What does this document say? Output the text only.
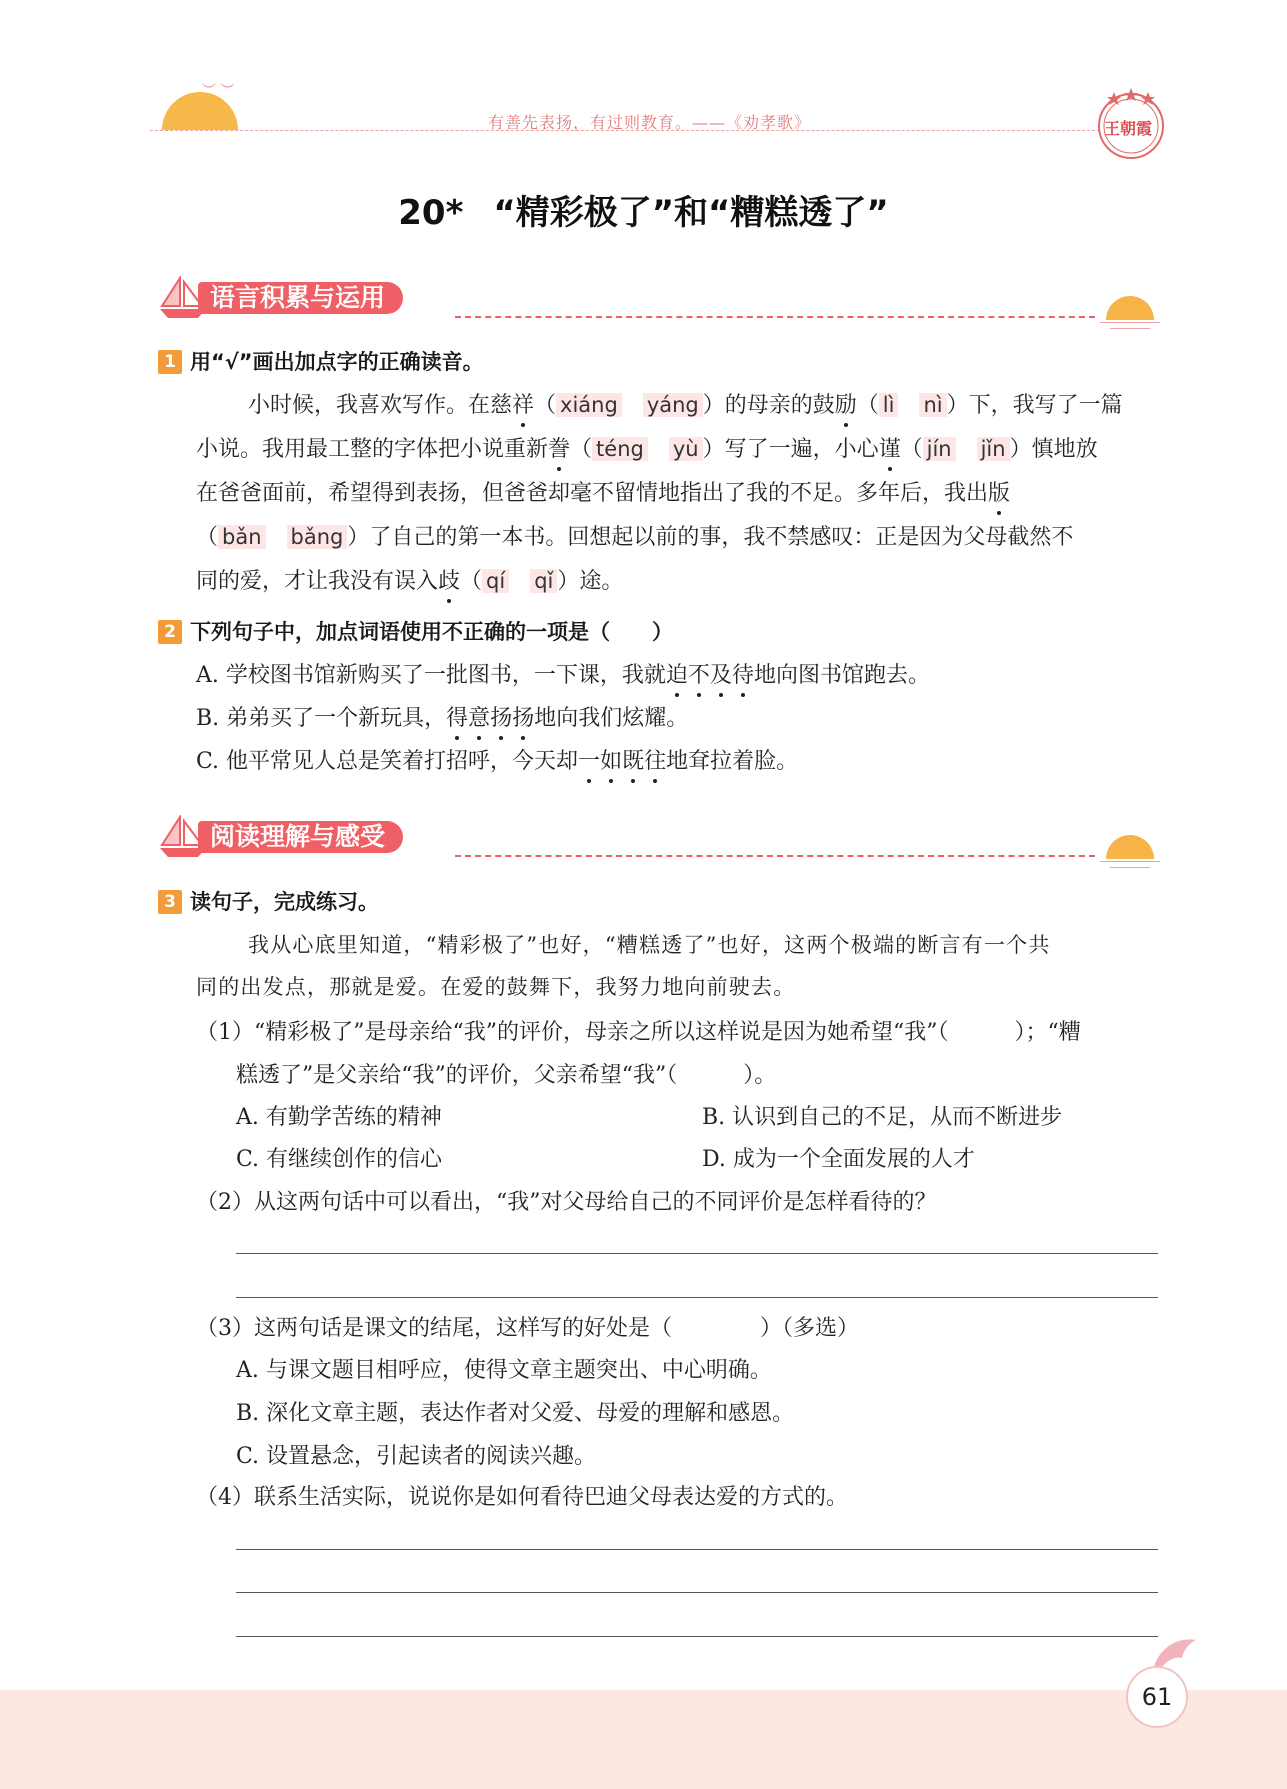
︶ ︶
有善先表扬，有过则教育。——《劝孝歌》	王朝霞
20* “精彩极了”和“糟糕透了”
语言积累与运用
1 用“√”画出加点字的正确读音。
小时候，我喜欢写作。在慈祥（ xiáng yáng ）的母亲的鼓励（ lì nì ）下，我写了一篇
小说。我用最工整的字体把小说重新誊（ téng yù ）写了一遍，小心谨（ jín jǐn ）慎地放
在爸爸面前，希望得到表扬，但爸爸却毫不留情地指出了我的不足。多年后，我出版
（ bǎn bǎng ）了自己的第一本书。回想起以前的事，我不禁感叹：正是因为父母截然不
同的爱，才让我没有误入歧（ qí qǐ ）途。
2 下列句子中，加点词语使用不正确的一项是（　　）
A. 学校图书馆新购买了一批图书，一下课，我就迫不及待地向图书馆跑去。
B. 弟弟买了一个新玩具，得意扬扬地向我们炫耀。
C. 他平常见人总是笑着打招呼，今天却一如既往地耷拉着脸。
阅读理解与感受
3 读句子，完成练习。
我从心底里知道，“精彩极了”也好，“糟糕透了”也好，这两个极端的断言有一个共
同的出发点，那就是爱。在爱的鼓舞下，我努力地向前驶去。
（1）“精彩极了”是母亲给“我”的评价，母亲之所以这样说是因为她希望“我”（　　　）；“糟
糕透了”是父亲给“我”的评价，父亲希望“我”（　　　）。
A. 有勤学苦练的精神	B. 认识到自己的不足，从而不断进步
C. 有继续创作的信心	D. 成为一个全面发展的人才
（2）从这两句话中可以看出，“我”对父母给自己的不同评价是怎样看待的？
（3）这两句话是课文的结尾，这样写的好处是（　　　　）（多选）
A. 与课文题目相呼应，使得文章主题突出、中心明确。
B. 深化文章主题，表达作者对父爱、母爱的理解和感恩。
C. 设置悬念，引起读者的阅读兴趣。
（4）联系生活实际，说说你是如何看待巴迪父母表达爱的方式的。
61
